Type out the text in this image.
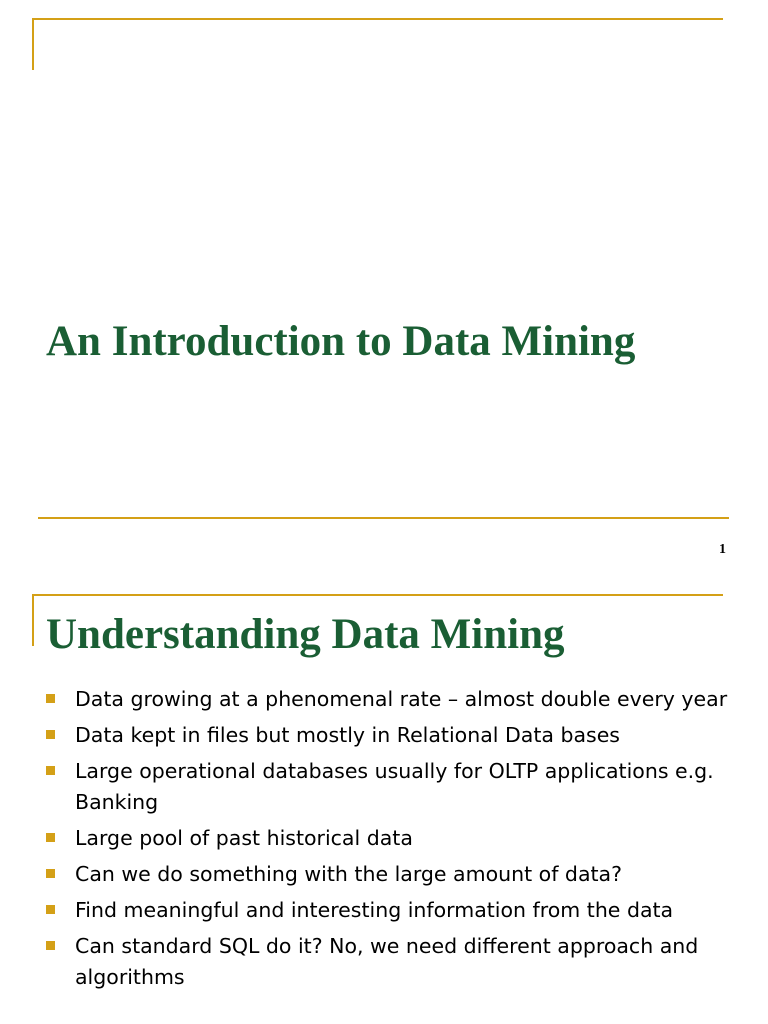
An Introduction to Data Mining
1
Understanding Data Mining
Data growing at a phenomenal rate – almost double every year
Data kept in files but mostly in Relational Data bases
Large operational databases usually for OLTP applications e.g. Banking
Large pool of past historical data
Can we do something with the large amount of data?
Find meaningful and interesting information from the data
Can standard SQL do it? No, we need different approach and algorithms
